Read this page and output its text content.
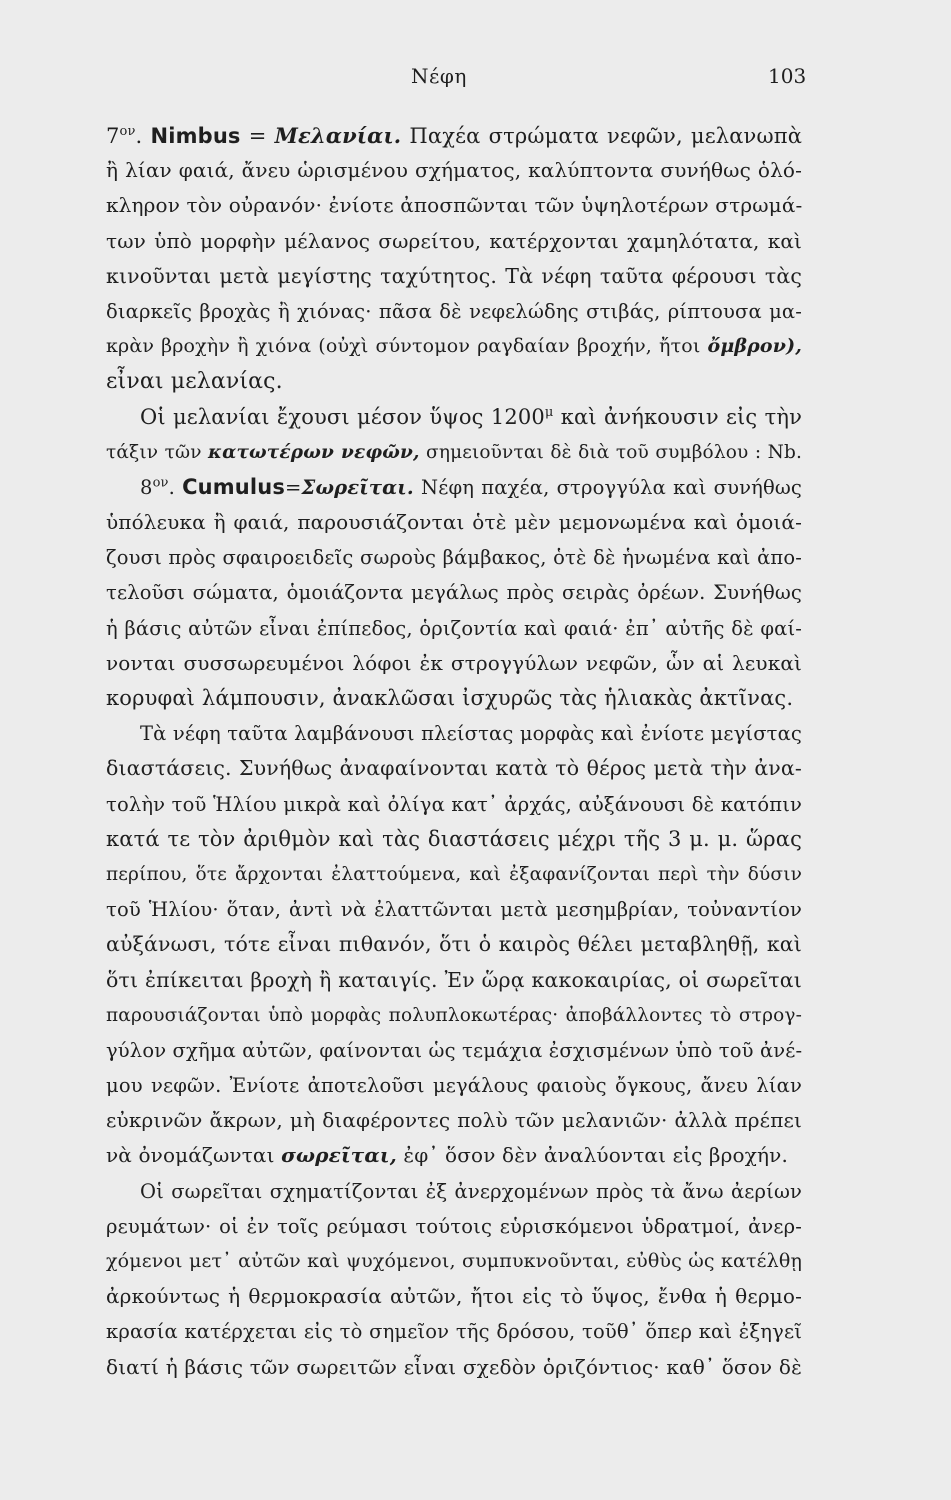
Νέφη	103
$7^{o\nu}$. Nimbus = Μελανίαι. Παχέα στρώματα νεφῶν, μελανωπὰ
ἢ λίαν φαιά, ἄνευ ὡρισμένου σχήματος, καλύπτοντα συνήθως ὁλό-
κληρον τὸν οὐρανόν· ἐνίοτε ἀποσπῶνται τῶν ὑψηλοτέρων στρωμά-
των ὑπὸ μορφὴν μέλανος σωρείτου, κατέρχονται χαμηλότατα, καὶ
κινοῦνται μετὰ μεγίστης ταχύτητος. Τὰ νέφη ταῦτα φέρουσι τὰς
διαρκεῖς βροχὰς ἢ χιόνας· πᾶσα δὲ νεφελώδης στιβάς, ρίπτουσα μα-
κρὰν βροχὴν ἢ χιόνα (οὐχὶ σύντομον ραγδαίαν βροχήν, ἤτοι ὄμβρον),
εἶναι μελανίας.
Οἱ μελανίαι ἔχουσι μέσον ὕψος $1200^\mu$ καὶ ἀνήκουσιν εἰς τὴν
τάξιν τῶν κατωτέρων νεφῶν, σημειοῦνται δὲ διὰ τοῦ συμβόλου : Nb.
$8^{o\nu}$. Cumulus=Σωρεῖται. Νέφη παχέα, στρογγύλα καὶ συνήθως
ὑπόλευκα ἢ φαιά, παρουσιάζονται ὁτὲ μὲν μεμονωμένα καὶ ὁμοιά-
ζουσι πρὸς σφαιροειδεῖς σωροὺς βάμβακος, ὁτὲ δὲ ἡνωμένα καὶ ἀπο-
τελοῦσι σώματα, ὁμοιάζοντα μεγάλως πρὸς σειρὰς ὀρέων. Συνήθως
ἡ βάσις αὐτῶν εἶναι ἐπίπεδος, ὁριζοντία καὶ φαιά· ἐπ᾽ αὐτῆς δὲ φαί-
νονται συσσωρευμένοι λόφοι ἐκ στρογγύλων νεφῶν, ὧν αἱ λευκαὶ
κορυφαὶ λάμπουσιν, ἀνακλῶσαι ἰσχυρῶς τὰς ἡλιακὰς ἀκτῖνας.
Τὰ νέφη ταῦτα λαμβάνουσι πλείστας μορφὰς καὶ ἐνίοτε μεγίστας
διαστάσεις. Συνήθως ἀναφαίνονται κατὰ τὸ θέρος μετὰ τὴν ἀνα-
τολὴν τοῦ Ἡλίου μικρὰ καὶ ὀλίγα κατ᾽ ἀρχάς, αὐξάνουσι δὲ κατόπιν
κατά τε τὸν ἀριθμὸν καὶ τὰς διαστάσεις μέχρι τῆς 3 μ. μ. ὥρας
περίπου, ὅτε ἄρχονται ἐλαττούμενα, καὶ ἐξαφανίζονται περὶ τὴν δύσιν
τοῦ Ἡλίου· ὅταν, ἀντὶ νὰ ἐλαττῶνται μετὰ μεσημβρίαν, τοὐναντίον
αὐξάνωσι, τότε εἶναι πιθανόν, ὅτι ὁ καιρὸς θέλει μεταβληθῇ, καὶ
ὅτι ἐπίκειται βροχὴ ἢ καταιγίς. Ἐν ὥρᾳ κακοκαιρίας, οἱ σωρεῖται
παρουσιάζονται ὑπὸ μορφὰς πολυπλοκωτέρας· ἀποβάλλοντες τὸ στρογ-
γύλον σχῆμα αὐτῶν, φαίνονται ὡς τεμάχια ἐσχισμένων ὑπὸ τοῦ ἀνέ-
μου νεφῶν. Ἐνίοτε ἀποτελοῦσι μεγάλους φαιοὺς ὄγκους, ἄνευ λίαν
εὐκρινῶν ἄκρων, μὴ διαφέροντες πολὺ τῶν μελανιῶν· ἀλλὰ πρέπει
νὰ ὀνομάζωνται σωρεῖται, ἐφ᾽ ὅσον δὲν ἀναλύονται εἰς βροχήν.
Οἱ σωρεῖται σχηματίζονται ἐξ ἀνερχομένων πρὸς τὰ ἄνω ἀερίων
ρευμάτων· οἱ ἐν τοῖς ρεύμασι τούτοις εὑρισκόμενοι ὑδρατμοί, ἀνερ-
χόμενοι μετ᾽ αὐτῶν καὶ ψυχόμενοι, συμπυκνοῦνται, εὐθὺς ὡς κατέλθῃ
ἀρκούντως ἡ θερμοκρασία αὐτῶν, ἤτοι εἰς τὸ ὕψος, ἔνθα ἡ θερμο-
κρασία κατέρχεται εἰς τὸ σημεῖον τῆς δρόσου, τοῦθ᾽ ὅπερ καὶ ἐξηγεῖ
διατί ἡ βάσις τῶν σωρειτῶν εἶναι σχεδὸν ὁριζόντιος· καθ᾽ ὅσον δὲ
